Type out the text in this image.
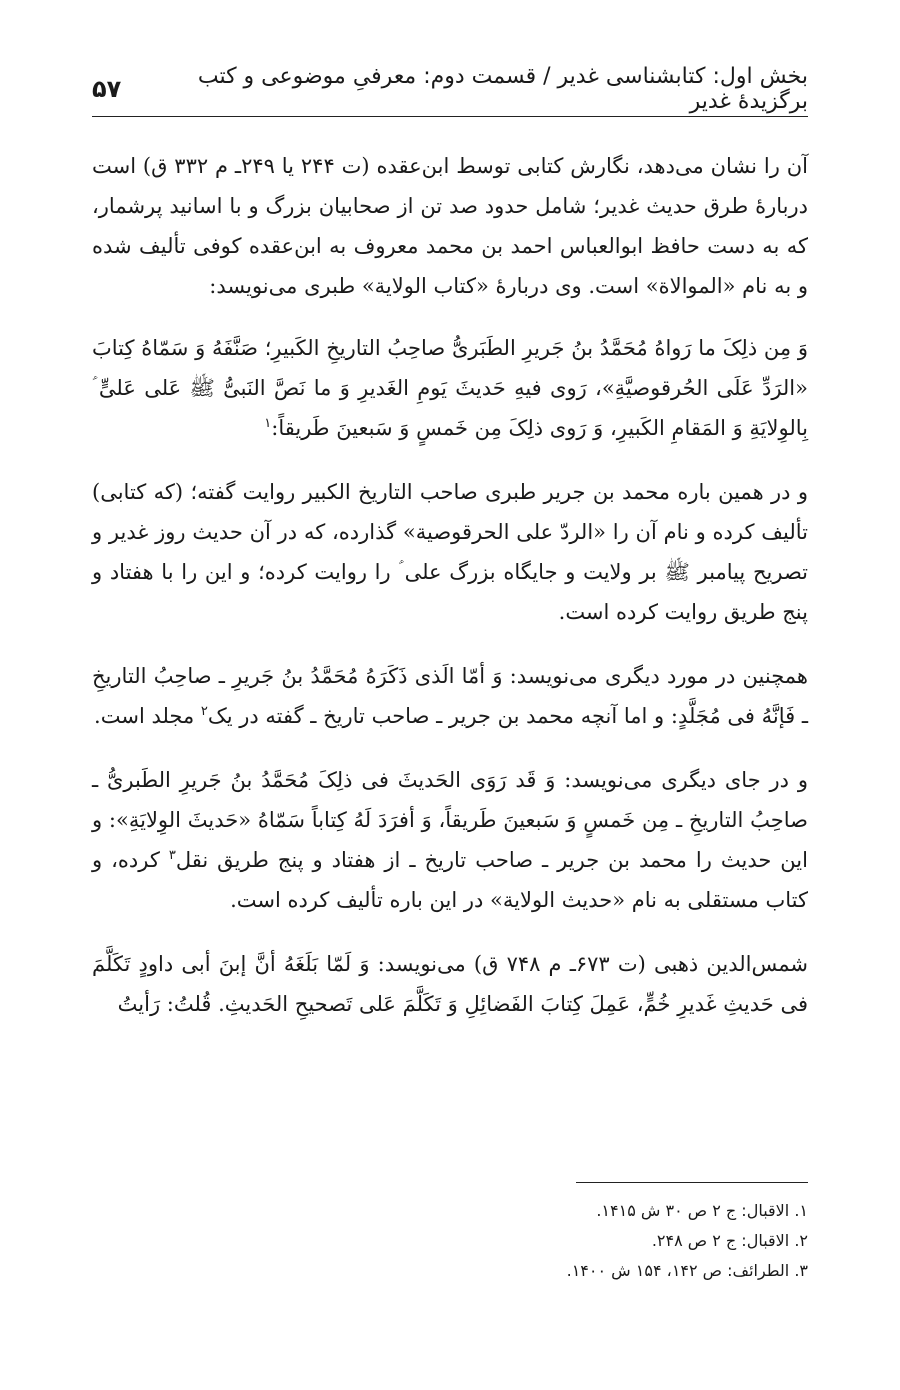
بخش اول: کتابشناسی غدیر / قسمت دوم: معرفیِ موضوعی و کتب برگزیدهٔ غدیر
۵۷

آن را نشان می‌دهد، نگارش کتابی توسط ابن‌عقده (ت ۲۴۴ یا ۲۴۹ـ م ۳۳۲ ق) است دربارهٔ طرق حدیث غدیر؛ شامل حدود صد تن از صحابیان بزرگ و با اسانید پرشمار، که به دست حافظ ابوالعباس احمد بن محمد معروف به ابن‌عقده کوفی تألیف شده و به نام «الموالاة» است. وی دربارهٔ «کتاب الولایة» طبری می‌نویسد:

وَ مِن ذلِکَ ما رَواهُ مُحَمَّدُ بنُ جَریرِ الطَبَریُّ صاحِبُ التاریخِ الکَبیرِ؛ صَنَّفَهُ وَ سَمّاهُ کِتابَ «الرَدِّ عَلَی الحُرقوصیَّةِ»، رَوی فیهِ حَدیثَ یَومِ الغَدیرِ وَ ما نَصَّ النَبیُّ ﷺ عَلی عَلیٍّ ؑ بِالوِلایَةِ وَ المَقامِ الکَبیرِ، وَ رَوی ذلِکَ مِن خَمسٍ وَ سَبعینَ طَریقاً:$^۱$

و در همین باره محمد بن جریر طبری صاحب التاریخ الکبیر روایت گفته؛ (که کتابی) تألیف کرده و نام آن را «الردّ علی الحرقوصیة» گذارده، که در آن حدیث روز غدیر و تصریح پیامبر ﷺ بر ولایت و جایگاه بزرگ علی ؑ را روایت کرده؛ و این را با هفتاد و پنج طریق روایت کرده است.

همچنین در مورد دیگری می‌نویسد: وَ أمّا الَذی ذَکَرَهُ مُحَمَّدُ بنُ جَریرِ ـ صاحِبُ التاریخِ ـ فَإنَّهُ فی مُجَلَّدٍ: و اما آنچه محمد بن جریر ـ صاحب تاریخ ـ گفته در یک$^۲$ مجلد است.

و در جای دیگری می‌نویسد: وَ قَد رَوَی الحَدیثَ فی ذلِکَ مُحَمَّدُ بنُ جَریرِ الطَبریُّ ـ صاحِبُ التاریخِ ـ مِن خَمسٍ وَ سَبعینَ طَریقاً، وَ أفرَدَ لَهُ کِتاباً سَمّاهُ «حَدیثَ الوِلایَةِ»: و این حدیث را محمد بن جریر ـ صاحب تاریخ ـ از هفتاد و پنج طریق نقل$^۳$ کرده، و کتاب مستقلی به نام «حدیث الولایة» در این باره تألیف کرده است.

شمس‌الدین ذهبی (ت ۶۷۳ـ م ۷۴۸ ق) می‌نویسد: وَ لَمّا بَلَغَهُ أنَّ إبنَ أبی داودٍ تَکَلَّمَ فی حَدیثِ غَدیرِ خُمٍّ، عَمِلَ کِتابَ الفَضائِلِ وَ تَکَلَّمَ عَلی تَصحیحِ الحَدیثِ. قُلتُ: رَأیتُ

۱. الاقبال: ج ۲ ص ۳۰ ش ۱۴۱۵.

۲. الاقبال: ج ۲ ص ۲۴۸.

۳. الطرائف: ص ۱۴۲، ۱۵۴ ش ۱۴۰۰.
